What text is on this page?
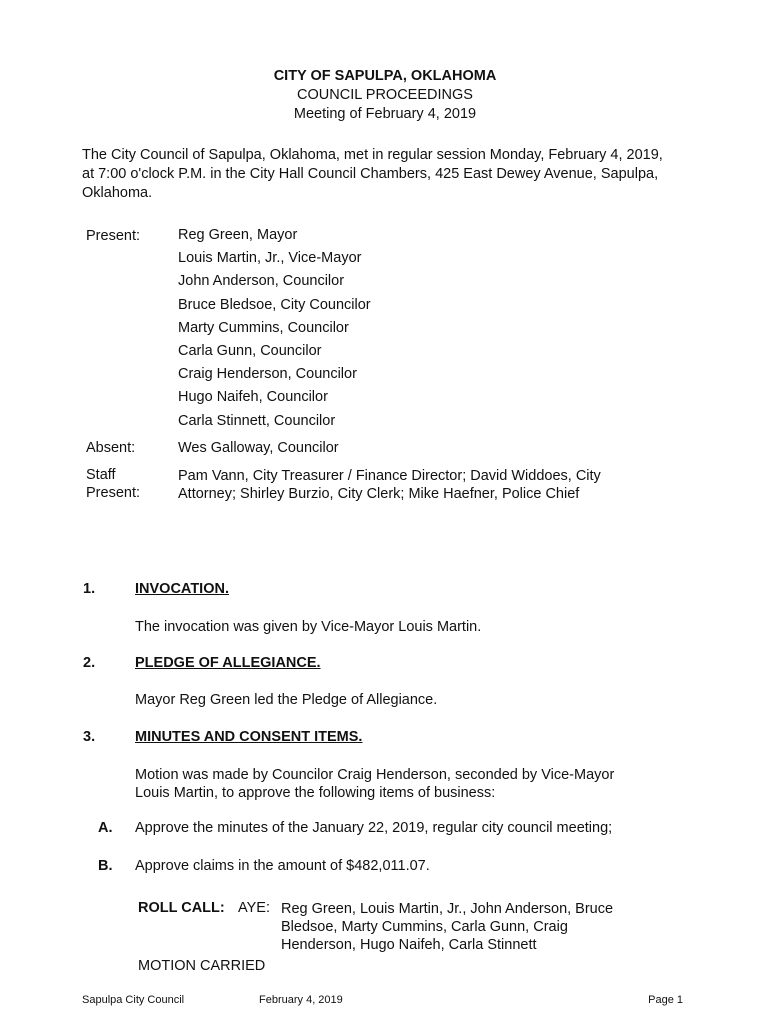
CITY OF SAPULPA, OKLAHOMA
COUNCIL PROCEEDINGS
Meeting of February 4, 2019
The City Council of Sapulpa, Oklahoma, met in regular session Monday, February 4, 2019, at 7:00 o'clock P.M. in the City Hall Council Chambers, 425 East Dewey Avenue, Sapulpa, Oklahoma.
Present:	Reg Green, Mayor
Louis Martin, Jr., Vice-Mayor
John Anderson, Councilor
Bruce Bledsoe, City Councilor
Marty Cummins, Councilor
Carla Gunn, Councilor
Craig Henderson, Councilor
Hugo Naifeh, Councilor
Carla Stinnett, Councilor
Absent:	Wes Galloway, Councilor
Staff
Present:
Pam Vann, City Treasurer / Finance Director; David Widdoes, City Attorney; Shirley Burzio, City Clerk; Mike Haefner, Police Chief
1.	INVOCATION.
The invocation was given by Vice-Mayor Louis Martin.
2.	PLEDGE OF ALLEGIANCE.
Mayor Reg Green led the Pledge of Allegiance.
3.	MINUTES AND CONSENT ITEMS.
Motion was made by Councilor Craig Henderson, seconded by Vice-Mayor Louis Martin, to approve the following items of business:
A. Approve the minutes of the January 22, 2019, regular city council meeting;
B. Approve claims in the amount of $482,011.07.
ROLL CALL: AYE: Reg Green, Louis Martin, Jr., John Anderson, Bruce Bledsoe, Marty Cummins, Carla Gunn, Craig Henderson, Hugo Naifeh, Carla Stinnett
MOTION CARRIED
Sapulpa City Council	February 4, 2019	Page 1
